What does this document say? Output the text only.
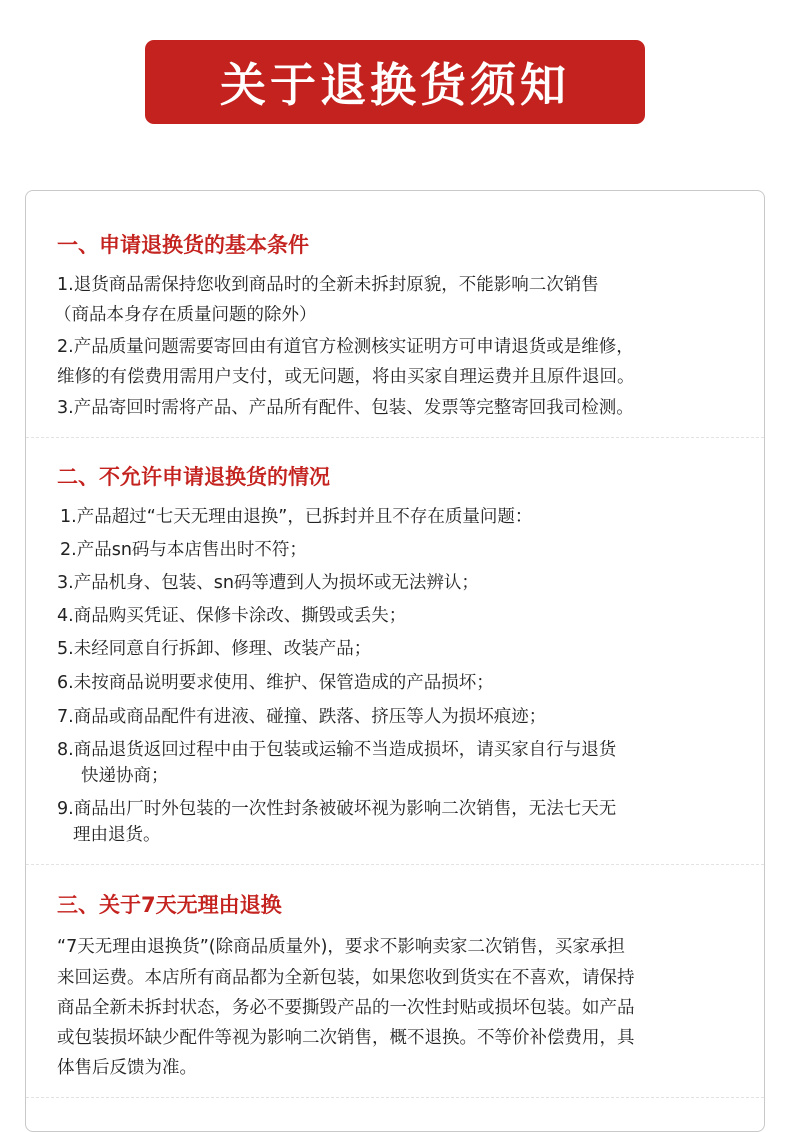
关于退换货须知
一、申请退换货的基本条件
1.退货商品需保持您收到商品时的全新未拆封原貌，不能影响二次销售
（商品本身存在质量问题的除外）
2.产品质量问题需要寄回由有道官方检测核实证明方可申请退货或是维修，
维修的有偿费用需用户支付，或无问题，将由买家自理运费并且原件退回。
3.产品寄回时需将产品、产品所有配件、包装、发票等完整寄回我司检测。
二、不允许申请退换货的情况
1.产品超过“七天无理由退换”，已拆封并且不存在质量问题：
2.产品sn码与本店售出时不符；
3.产品机身、包装、sn码等遭到人为损坏或无法辨认；
4.商品购买凭证、保修卡涂改、撕毁或丢失；
5.未经同意自行拆卸、修理、改装产品；
6.未按商品说明要求使用、维护、保管造成的产品损坏；
7.商品或商品配件有进液、碰撞、跌落、挤压等人为损坏痕迹；
8.商品退货返回过程中由于包装或运输不当造成损坏，请买家自行与退货
快递协商；
9.商品出厂时外包装的一次性封条被破坏视为影响二次销售，无法七天无
理由退货。
三、关于7天无理由退换
“7天无理由退换货”(除商品质量外)，要求不影响卖家二次销售，买家承担
来回运费。本店所有商品都为全新包装，如果您收到货实在不喜欢，请保持
商品全新未拆封状态，务必不要撕毁产品的一次性封贴或损坏包装。如产品
或包装损坏缺少配件等视为影响二次销售，概不退换。不等价补偿费用，具
体售后反馈为准。
